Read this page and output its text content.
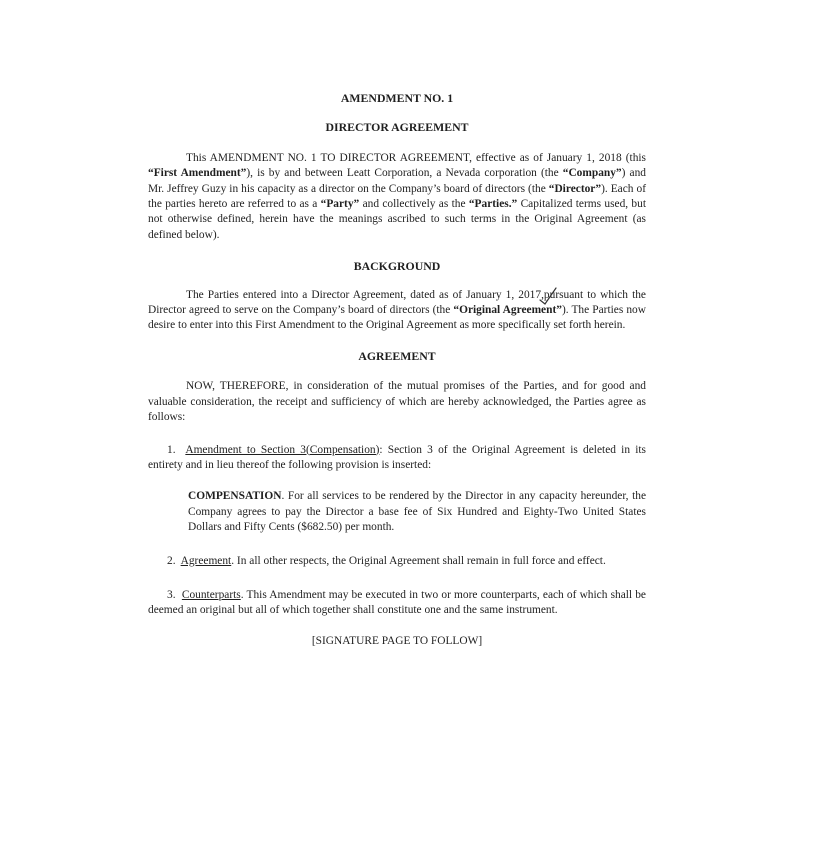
AMENDMENT NO. 1
DIRECTOR AGREEMENT

This AMENDMENT NO. 1 TO DIRECTOR AGREEMENT, effective as of January 1, 2018 (this “First Amendment”), is by and between Leatt Corporation, a Nevada corporation (the “Company”) and Mr. Jeffrey Guzy in his capacity as a director on the Company’s board of directors (the “Director”). Each of the parties hereto are referred to as a “Party” and collectively as the “Parties.” Capitalized terms used, but not otherwise defined, herein have the meanings ascribed to such terms in the Original Agreement (as defined below).

BACKGROUND

The Parties entered into a Director Agreement, dated as of January 1, 2017,
pursuant to which the Director agreed to serve on the Company’s board of directors (the “Original Agreement”). The Parties now desire to enter into this First Amendment to the Original Agreement as more specifically set forth herein.

AGREEMENT

NOW, THEREFORE, in consideration of the mutual promises of the Parties, and for good and valuable consideration, the receipt and sufficiency of which are hereby acknowledged, the Parties agree as follows:

1. Amendment to Section 3(Compensation): Section 3 of the Original Agreement is deleted in its entirety and in lieu thereof the following provision is inserted:

COMPENSATION. For all services to be rendered by the Director in any capacity hereunder, the Company agrees to pay the Director a base fee of Six Hundred and Eighty-Two United States Dollars and Fifty Cents ($682.50) per month.

2. Agreement. In all other respects, the Original Agreement shall remain in full force and effect.

3. Counterparts. This Amendment may be executed in two or more counterparts, each of which shall be deemed an original but all of which together shall constitute one and the same instrument.

[SIGNATURE PAGE TO FOLLOW]
